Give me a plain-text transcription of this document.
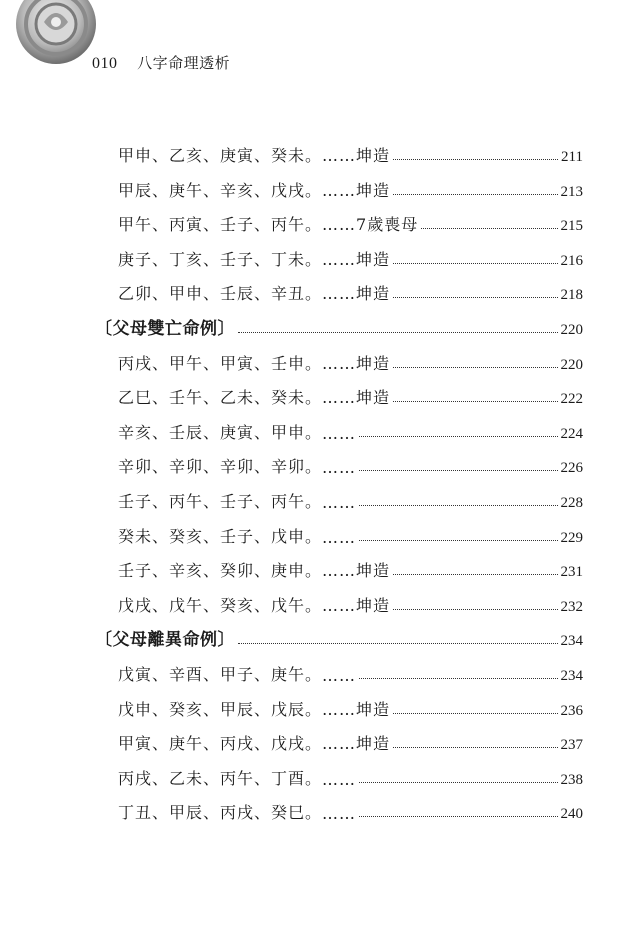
010 八字命理透析
甲申、乙亥、庚寅、癸未。 ……坤造	211
甲辰、庚午、辛亥、戊戌。 ……坤造	213
甲午、丙寅、壬子、丙午。 ……7歲喪母	215
庚子、丁亥、壬子、丁未。 ……坤造	216
乙卯、甲申、壬辰、辛丑。 ……坤造	218
〔父母雙亡命例〕	220
丙戌、甲午、甲寅、壬申。 ……坤造	220
乙巳、壬午、乙未、癸未。 ……坤造	222
辛亥、壬辰、庚寅、甲申。 ……	224
辛卯、辛卯、辛卯、辛卯。 ……	226
壬子、丙午、壬子、丙午。 ……	228
癸未、癸亥、壬子、戊申。 ……	229
壬子、辛亥、癸卯、庚申。 ……坤造	231
戊戌、戊午、癸亥、戊午。 ……坤造	232
〔父母離異命例〕	234
戊寅、辛酉、甲子、庚午。 ……	234
戊申、癸亥、甲辰、戊辰。 ……坤造	236
甲寅、庚午、丙戌、戊戌。 ……坤造	237
丙戌、乙未、丙午、丁酉。 ……	238
丁丑、甲辰、丙戌、癸巳。 ……	240
